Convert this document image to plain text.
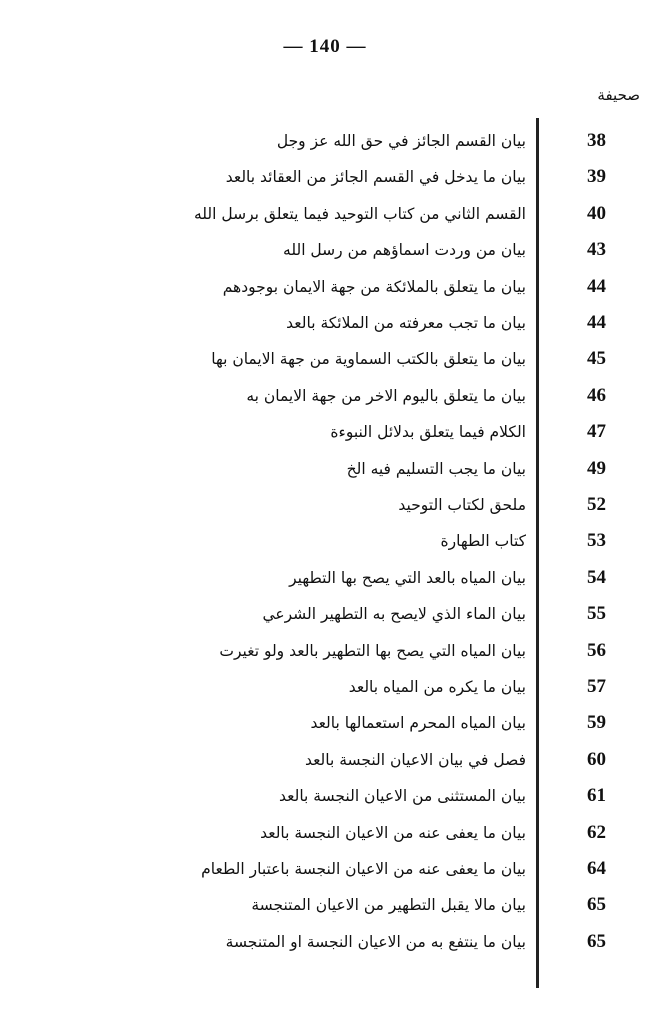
— 140 —
صحيفة
بيان القسم الجائز في حق الله عز وجل	38
بيان ما يدخل في القسم الجائز من العقائد بالعد	39
القسم الثاني من كتاب التوحيد فيما يتعلق برسل الله	40
بيان من وردت اسماؤهم من رسل الله	43
بيان ما يتعلق بالملائكة من جهة الايمان بوجودهم	44
بيان ما تجب معرفته من الملائكة بالعد	44
بيان ما يتعلق بالكتب السماوية من جهة الايمان بها	45
بيان ما يتعلق باليوم الاخر من جهة الايمان به	46
الكلام فيما يتعلق بدلائل النبوءة	47
بيان ما يجب التسليم فيه الخ	49
ملحق لكتاب التوحيد	52
كتاب الطهارة	53
بيان المياه بالعد التي يصح بها التطهير	54
بيان الماء الذي لايصح به التطهير الشرعي	55
بيان المياه التي يصح بها التطهير بالعد ولو تغيرت	56
بيان ما يكره من المياه بالعد	57
بيان المياه المحرم استعمالها بالعد	59
فصل في بيان الاعيان النجسة بالعد	60
بيان المستثنى من الاعيان النجسة بالعد	61
بيان ما يعفى عنه من الاعيان النجسة بالعد	62
بيان ما يعفى عنه من الاعيان النجسة باعتبار الطعام	64
بيان مالا يقبل التطهير من الاعيان المتنجسة	65
بيان ما ينتفع به من الاعيان النجسة او المتنجسة	65
